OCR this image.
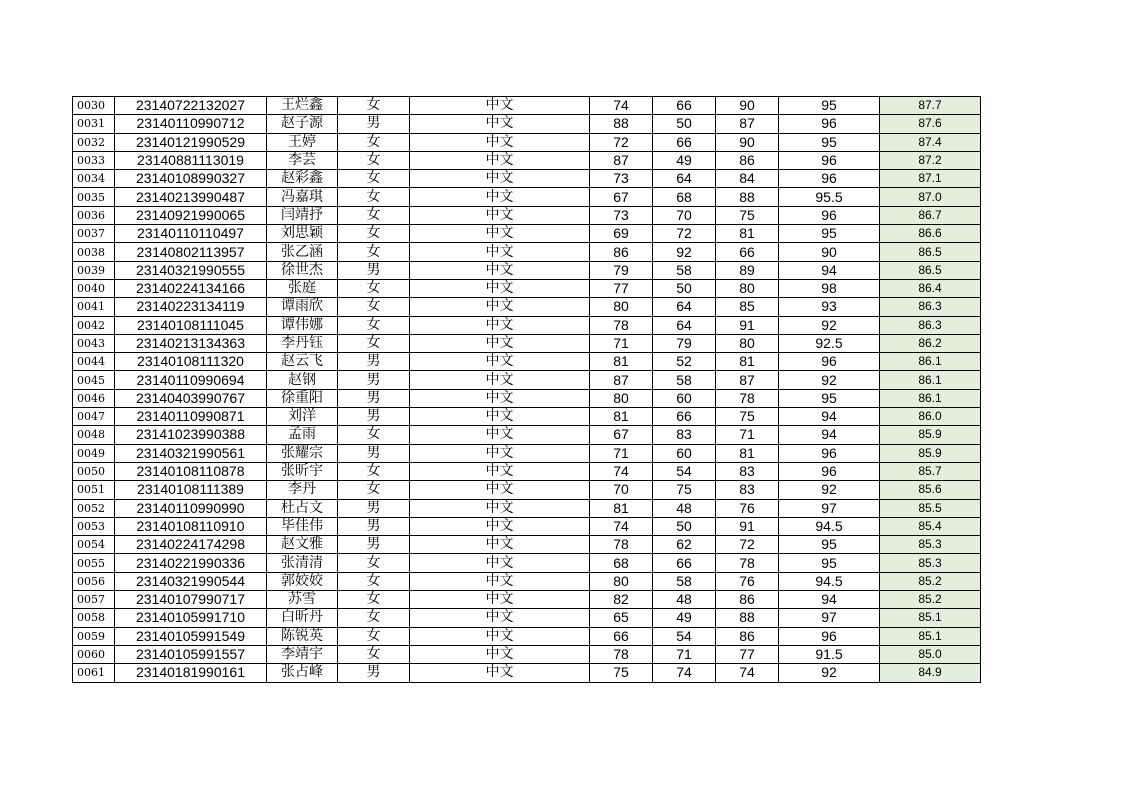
0030	23140722132027	王烂鑫	女	中文	74	66	90	95	87.7
0031	23140110990712	赵子源	男	中文	88	50	87	96	87.6
0032	23140121990529	王婷	女	中文	72	66	90	95	87.4
0033	23140881113019	李芸	女	中文	87	49	86	96	87.2
0034	23140108990327	赵彩鑫	女	中文	73	64	84	96	87.1
0035	23140213990487	冯嘉琪	女	中文	67	68	88	95.5	87.0
0036	23140921990065	闫靖抒	女	中文	73	70	75	96	86.7
0037	23140110110497	刘思颖	女	中文	69	72	81	95	86.6
0038	23140802113957	张乙涵	女	中文	86	92	66	90	86.5
0039	23140321990555	徐世杰	男	中文	79	58	89	94	86.5
0040	23140224134166	张庭	女	中文	77	50	80	98	86.4
0041	23140223134119	谭雨欣	女	中文	80	64	85	93	86.3
0042	23140108111045	谭伟娜	女	中文	78	64	91	92	86.3
0043	23140213134363	李丹钰	女	中文	71	79	80	92.5	86.2
0044	23140108111320	赵云飞	男	中文	81	52	81	96	86.1
0045	23140110990694	赵钢	男	中文	87	58	87	92	86.1
0046	23140403990767	徐重阳	男	中文	80	60	78	95	86.1
0047	23140110990871	刘洋	男	中文	81	66	75	94	86.0
0048	23141023990388	孟雨	女	中文	67	83	71	94	85.9
0049	23140321990561	张耀宗	男	中文	71	60	81	96	85.9
0050	23140108110878	张昕宇	女	中文	74	54	83	96	85.7
0051	23140108111389	李丹	女	中文	70	75	83	92	85.6
0052	23140110990990	杜占文	男	中文	81	48	76	97	85.5
0053	23140108110910	毕佳伟	男	中文	74	50	91	94.5	85.4
0054	23140224174298	赵文雅	男	中文	78	62	72	95	85.3
0055	23140221990336	张清清	女	中文	68	66	78	95	85.3
0056	23140321990544	郭姣姣	女	中文	80	58	76	94.5	85.2
0057	23140107990717	苏雪	女	中文	82	48	86	94	85.2
0058	23140105991710	白昕丹	女	中文	65	49	88	97	85.1
0059	23140105991549	陈锐英	女	中文	66	54	86	96	85.1
0060	23140105991557	李靖宇	女	中文	78	71	77	91.5	85.0
0061	23140181990161	张占峰	男	中文	75	74	74	92	84.9
